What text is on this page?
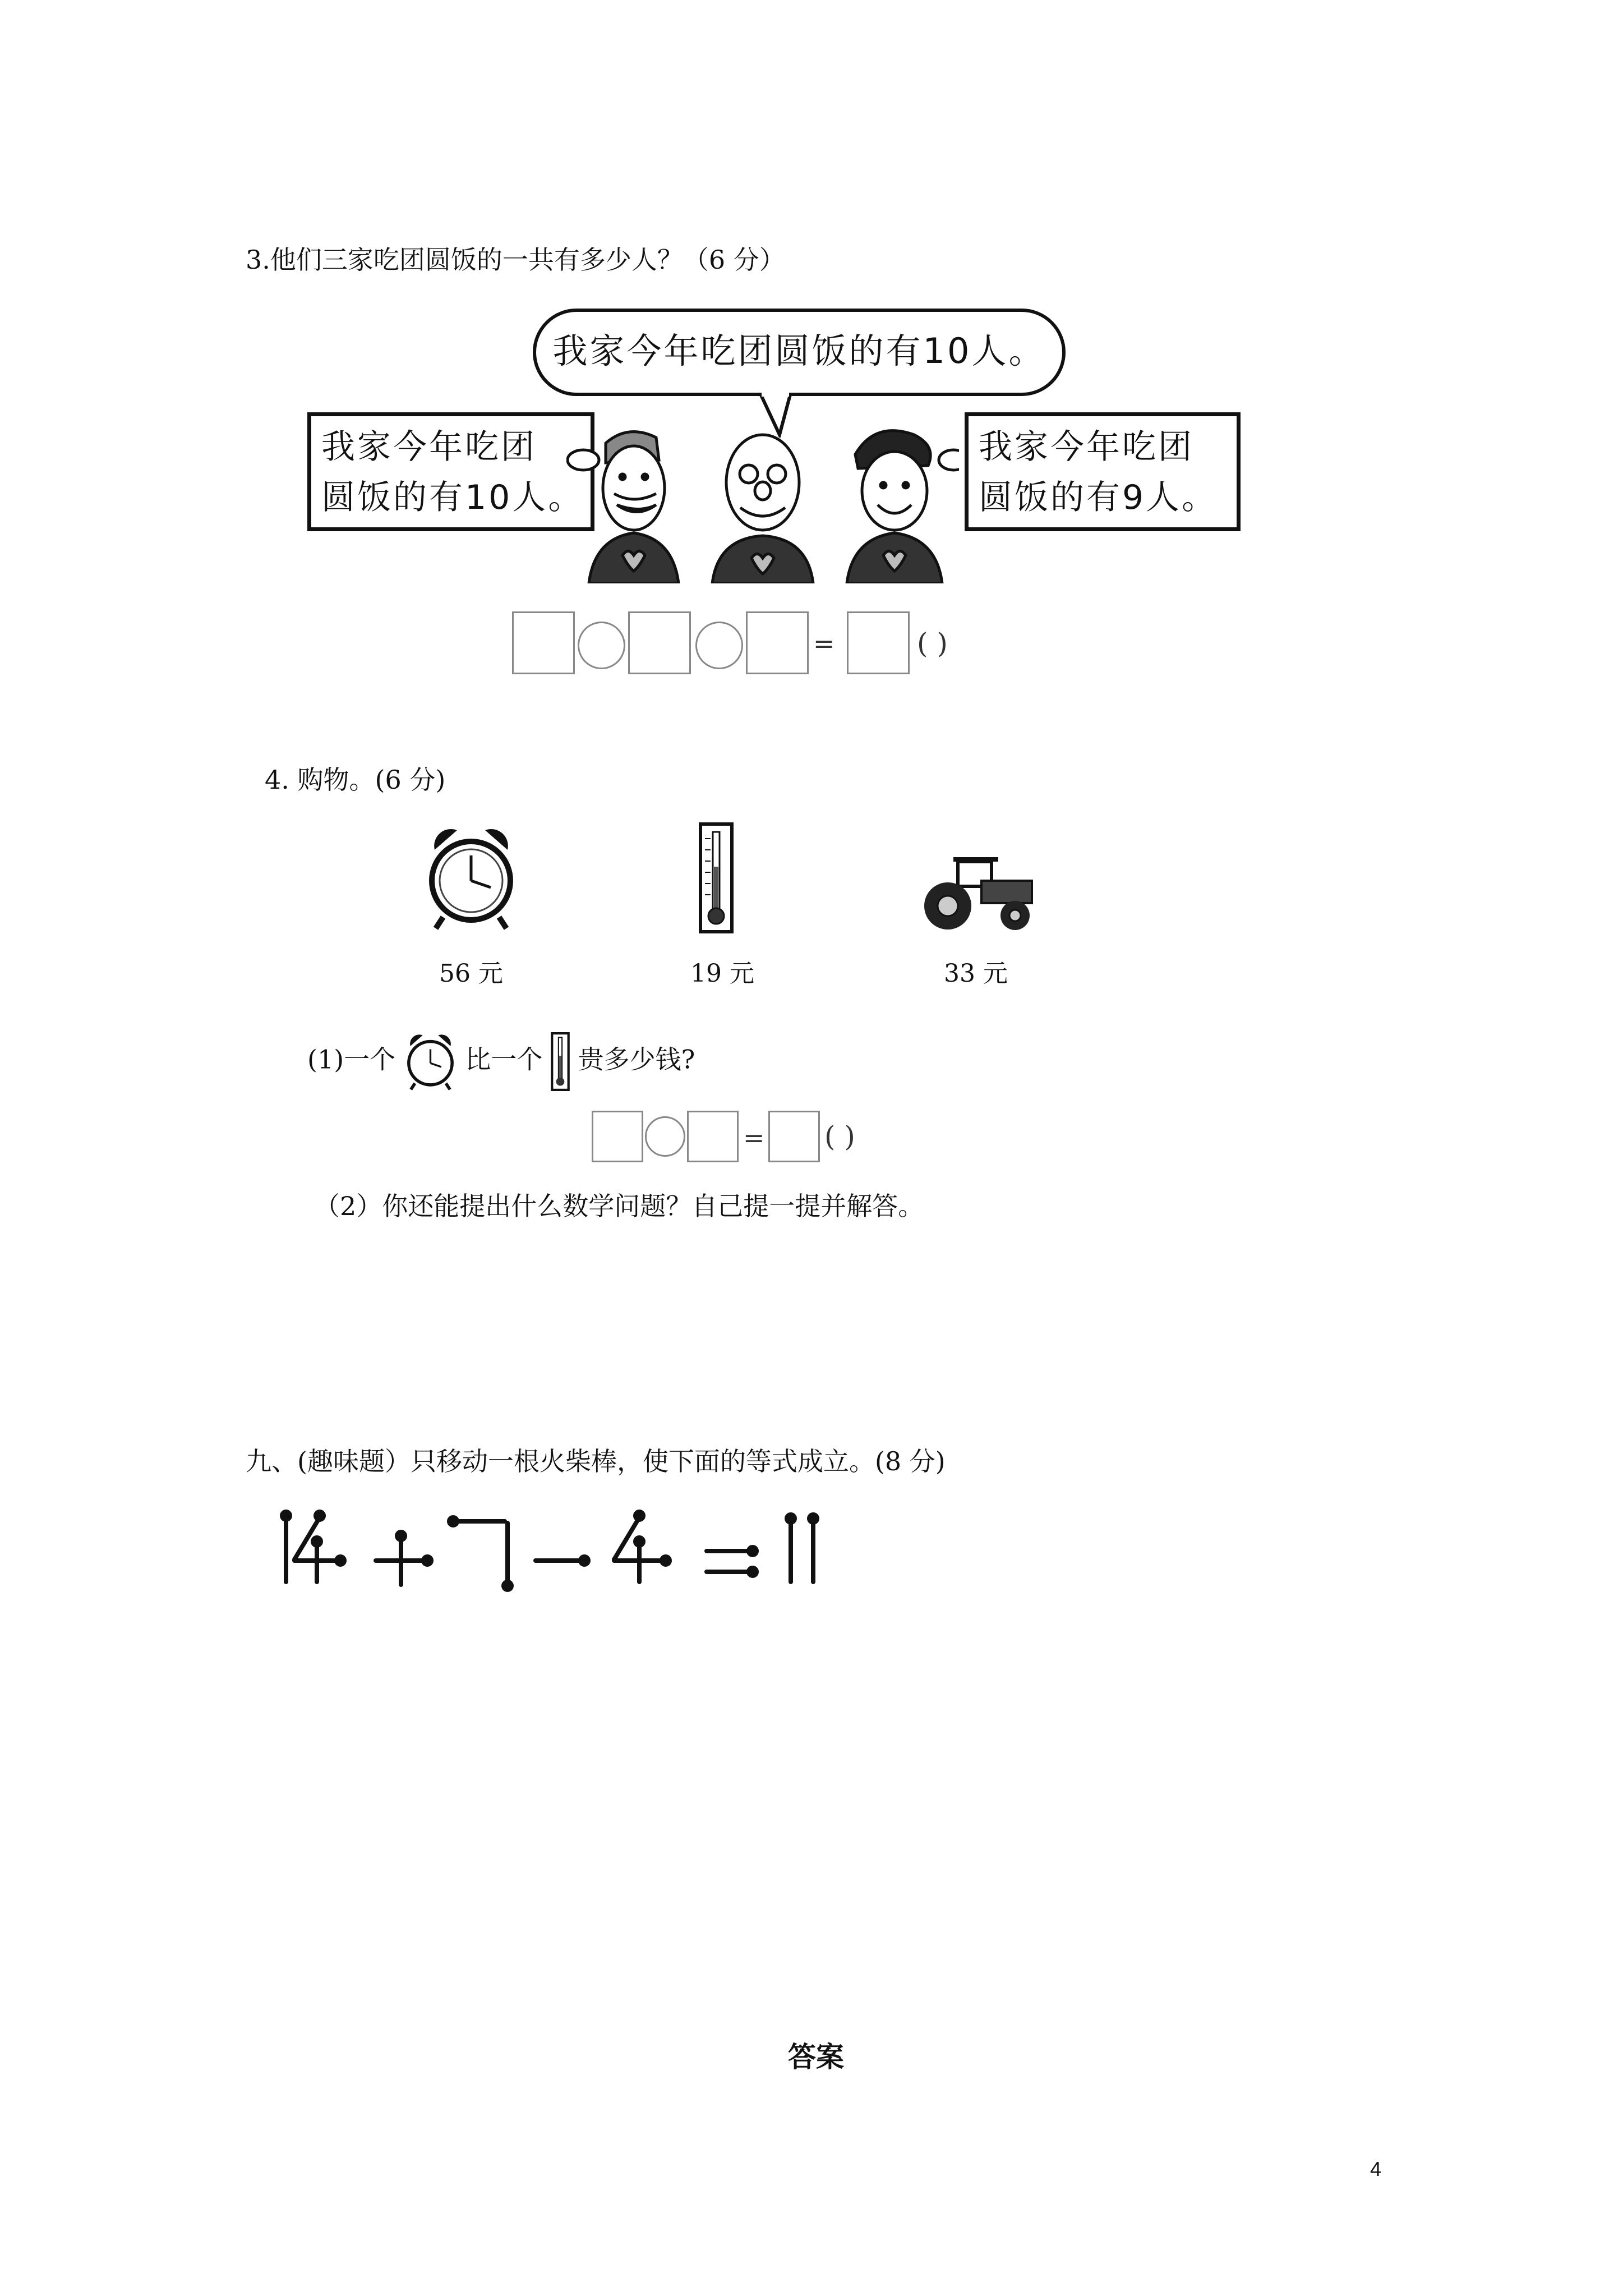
3.他们三家吃团圆饭的一共有多少人？（6 分）
我家今年吃团圆饭的有10人。
我家今年吃团
圆饭的有10人。
我家今年吃团
圆饭的有9人。
=	( )
4. 购物。(6 分)
56 元	19 元	33 元
(1)一个	比一个 贵多少钱?
= ( )
（2）你还能提出什么数学问题？自己提一提并解答。
九、(趣味题）只移动一根火柴棒，使下面的等式成立。(8 分)
答案
4
